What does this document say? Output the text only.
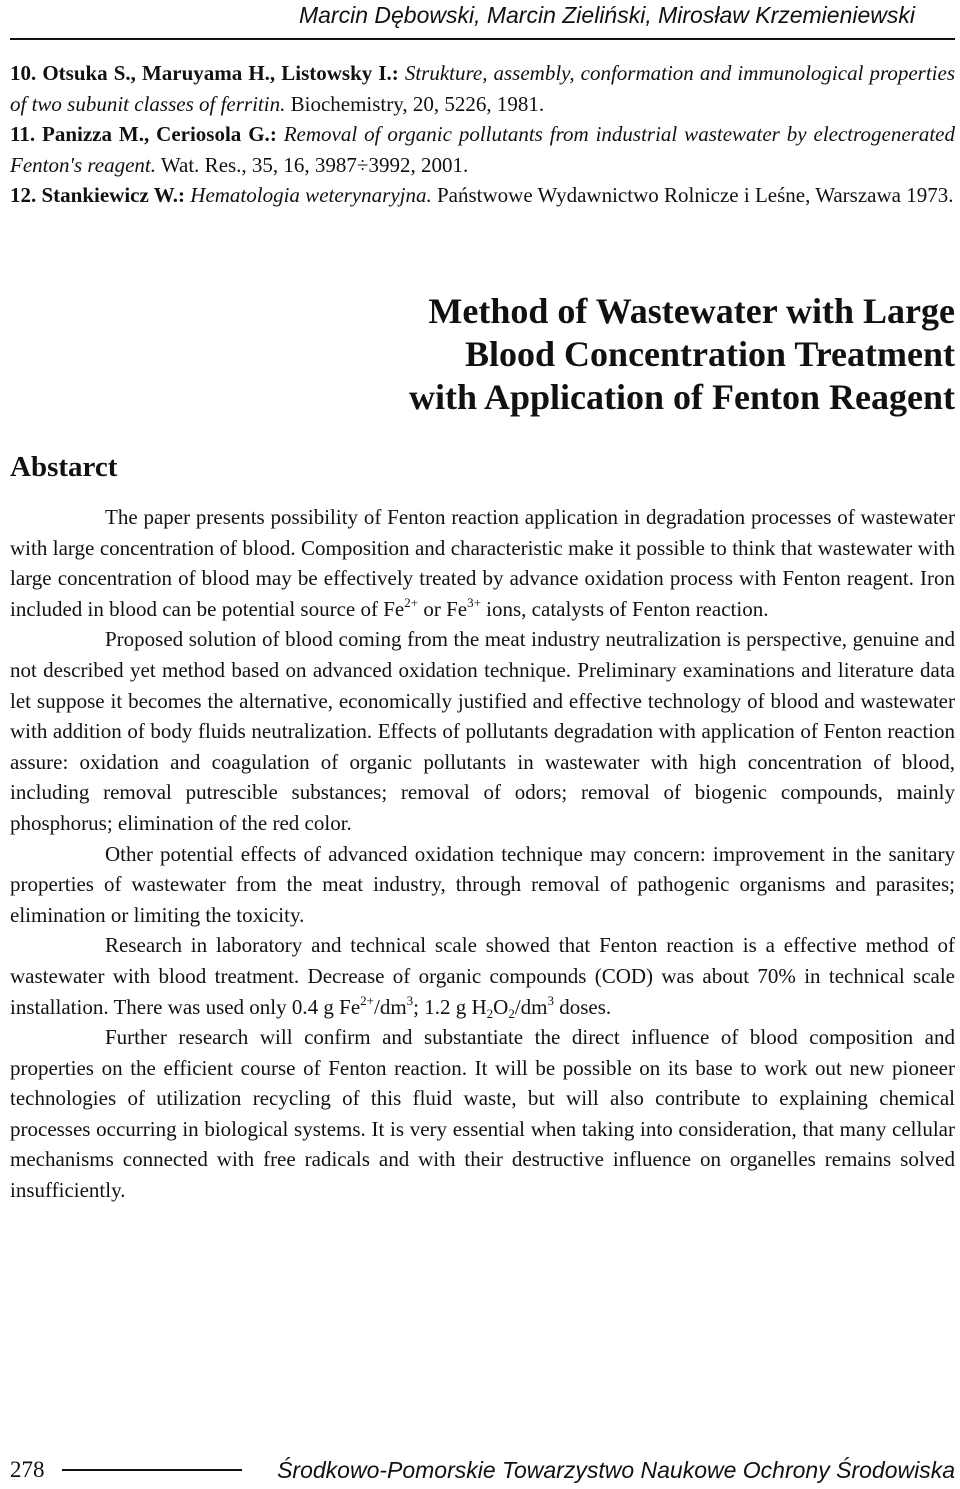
Marcin Dębowski, Marcin Zieliński, Mirosław Krzemieniewski

10. Otsuka S., Maruyama H., Listowsky I.: Strukture, assembly, conformation and immunological properties of two subunit classes of ferritin. Biochemistry, 20, 5226, 1981.

11. Panizza M., Ceriosola G.: Removal of organic pollutants from industrial wastewater by electrogenerated Fenton's reagent. Wat. Res., 35, 16, 3987÷3992, 2001.

12. Stankiewicz W.: Hematologia weterynaryjna. Państwowe Wydawnictwo Rolnicze i Leśne, Warszawa 1973.

Method of Wastewater with Large
Blood Concentration Treatment
with Application of Fenton Reagent
Abstarct

The paper presents possibility of Fenton reaction application in degradation processes of wastewater with large concentration of blood. Composition and characteristic make it possible to think that wastewater with large concentration of blood may be effectively treated by advance oxidation process with Fenton reagent. Iron included in blood can be potential source of $Fe^{2+}$ or $Fe^{3+}$ ions, catalysts of Fenton reaction.

Proposed solution of blood coming from the meat industry neutralization is perspective, genuine and not described yet method based on advanced oxidation technique. Preliminary examinations and literature data let suppose it becomes the alternative, economically justified and effective technology of blood and wastewater with addition of body fluids neutralization. Effects of pollutants degradation with application of Fenton reaction assure: oxidation and coagulation of organic pollutants in wastewater with high concentration of blood, including removal putrescible substances; removal of odors; removal of biogenic compounds, mainly phosphorus; elimination of the red color.

Other potential effects of advanced oxidation technique may concern: improvement in the sanitary properties of wastewater from the meat industry, through removal of pathogenic organisms and parasites; elimination or limiting the toxicity.

Research in laboratory and technical scale showed that Fenton reaction is a effective method of wastewater with blood treatment. Decrease of organic compounds (COD) was about 70% in technical scale installation. There was used only 0.4 g $Fe^{2+}/dm^3$; 1.2 g $H_2O_2/dm^3$ doses.

Further research will confirm and substantiate the direct influence of blood composition and properties on the efficient course of Fenton reaction. It will be possible on its base to work out new pioneer technologies of utilization recycling of this fluid waste, but will also contribute to explaining chemical processes occurring in biological systems. It is very essential when taking into consideration, that many cellular mechanisms connected with free radicals and with their destructive influence on organelles remains solved insufficiently.

278	Środkowo-Pomorskie Towarzystwo Naukowe Ochrony Środowiska
